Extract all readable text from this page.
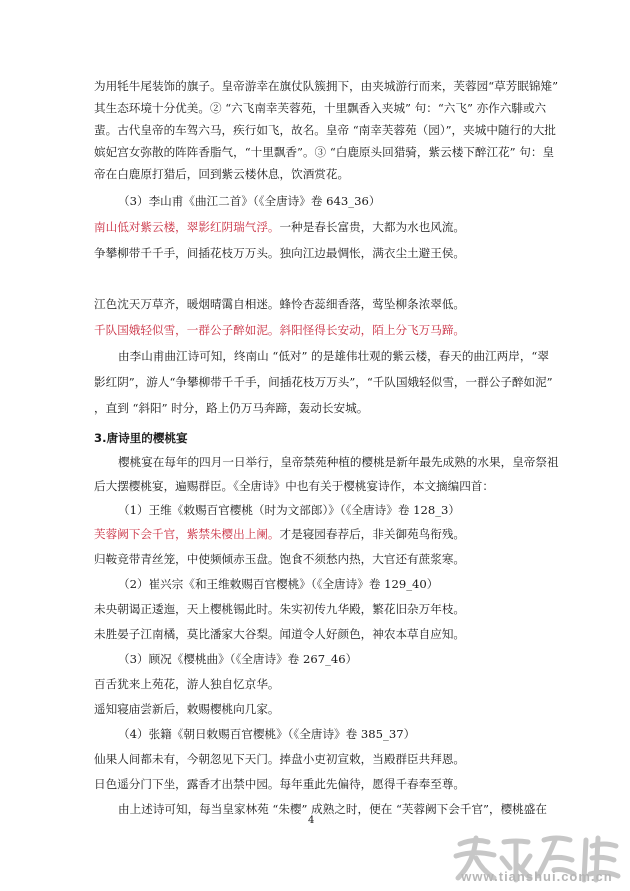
为用牦牛尾装饰的旗子。皇帝游幸在旗仗队簇拥下，由夹城游行而来，芙蓉园“草芳眠锦雉”
其生态环境十分优美。② “六飞南幸芙蓉苑，十里飘香入夹城” 句：“六飞” 亦作六騑或六
蜚。古代皇帝的车驾六马，疾行如飞，故名。皇帝 “南幸芙蓉苑（园）”，夹城中随行的大批
嫔妃宫女弥散的阵阵香脂气，“十里飘香”。③ “白鹿原头回猎骑，紫云楼下醉江花” 句：皇
帝在白鹿原打猎后，回到紫云楼休息，饮酒赏花。
（3）李山甫《曲江二首》（《全唐诗》卷 643_36）
南山低对紫云楼，翠影红阴瑞气浮。一种是春长富贵，大都为水也风流。
争攀柳带千千手，间插花枝万万头。独向江边最惆怅，满衣尘土避王侯。
江色沈天万草齐，暖烟晴霭自相迷。蜂怜杏蕊细香落，莺坠柳条浓翠低。
千队国娥轻似雪，一群公子醉如泥。斜阳怪得长安动，陌上分飞万马蹄。
由李山甫曲江诗可知，终南山 “低对” 的是雄伟壮观的紫云楼，春天的曲江两岸，“翠
影红阴”，游人“争攀柳带千千手，间插花枝万万头”，“千队国娥轻似雪，一群公子醉如泥”
，直到 “斜阳” 时分，路上仍万马奔蹄，轰动长安城。
3.唐诗里的樱桃宴
樱桃宴在每年的四月一日举行，皇帝禁苑种植的樱桃是新年最先成熟的水果，皇帝祭祖
后大摆樱桃宴，遍赐群臣。《全唐诗》中也有关于樱桃宴诗作，本文摘编四首：
（1）王维《敕赐百官樱桃（时为文部郎）》（《全唐诗》卷 128_3）
芙蓉阙下会千官，紫禁朱樱出上阑。才是寝园春荐后，非关御苑鸟衔残。
归鞍竞带青丝笼，中使频倾赤玉盘。饱食不须愁内热，大官还有蔗浆寒。
（2）崔兴宗《和王维敕赐百官樱桃》（《全唐诗》卷 129_40）
未央朝谒正逶迤，天上樱桃锡此时。朱实初传九华殿，繁花旧杂万年枝。
未胜晏子江南橘，莫比潘家大谷梨。闻道令人好颜色，神农本草自应知。
（3）顾况《樱桃曲》（《全唐诗》卷 267_46）
百舌犹来上苑花，游人独自忆京华。
遥知寝庙尝新后，敕赐樱桃向几家。
（4）张籍《朝日敕赐百官樱桃》（《全唐诗》卷 385_37）
仙果人间都未有，今朝忽见下天门。捧盘小吏初宣敕，当殿群臣共拜恩。
日色遥分门下坐，露香才出禁中园。每年重此先偏待，愿得千春奉至尊。
由上述诗可知，每当皇家林苑 “朱樱” 成熟之时，便在 “芙蓉阙下会千官”，樱桃盛在
4
www.tianshui.com.cn
